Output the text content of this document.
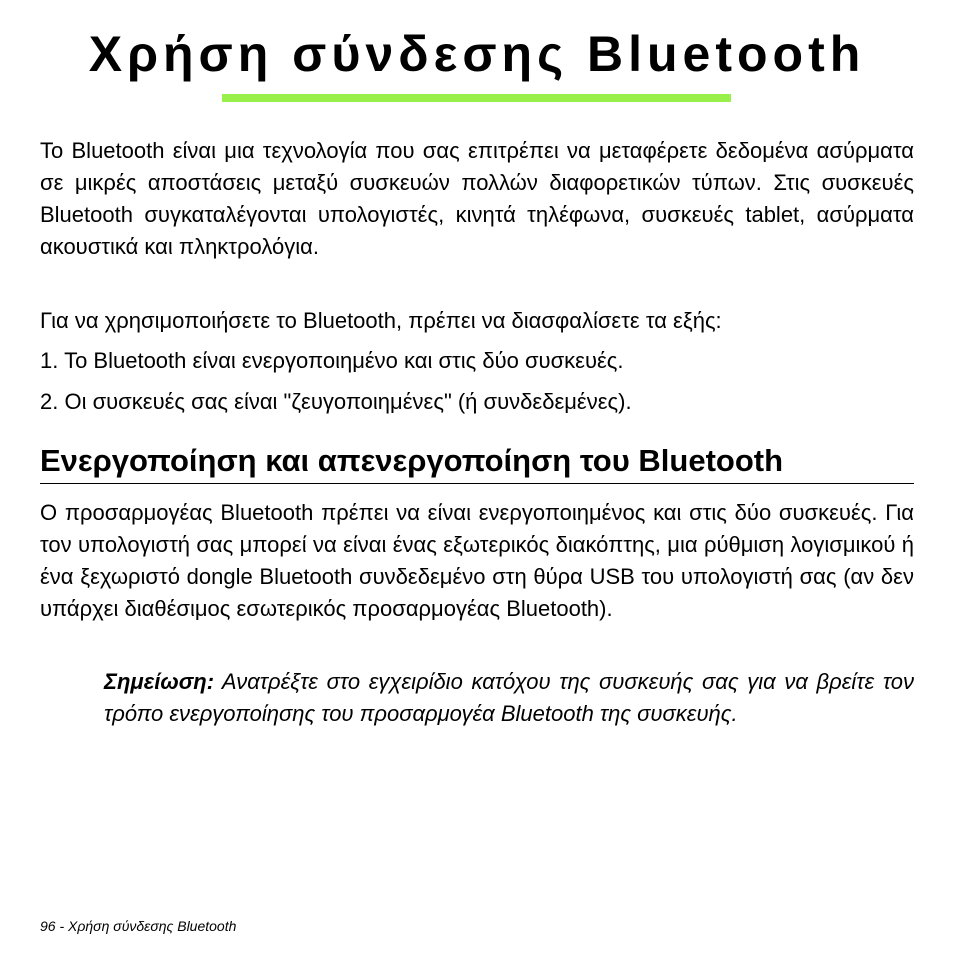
Χρήση σύνδεσης Bluetooth

Το Bluetooth είναι μια τεχνολογία που σας επιτρέπει να μεταφέρετε δεδομένα ασύρματα σε μικρές αποστάσεις μεταξύ συσκευών πολλών διαφορετικών τύπων. Στις συσκευές Bluetooth συγκαταλέγονται υπολογιστές, κινητά τηλέφωνα, συσκευές tablet, ασύρματα ακουστικά και πληκτρολόγια.

Για να χρησιμοποιήσετε το Bluetooth, πρέπει να διασφαλίσετε τα εξής:

1. Το Bluetooth είναι ενεργοποιημένο και στις δύο συσκευές.

2. Οι συσκευές σας είναι "ζευγοποιημένες" (ή συνδεδεμένες).

Ενεργοποίηση και απενεργοποίηση του Bluetooth

Ο προσαρμογέας Bluetooth πρέπει να είναι ενεργοποιημένος και στις δύο συσκευές. Για τον υπολογιστή σας μπορεί να είναι ένας εξωτερικός διακόπτης, μια ρύθμιση λογισμικού ή ένα ξεχωριστό dongle Bluetooth συνδεδεμένο στη θύρα USB του υπολογιστή σας (αν δεν υπάρχει διαθέσιμος εσωτερικός προσαρμογέας Bluetooth).

Σημείωση: Ανατρέξτε στο εγχειρίδιο κατόχου της συσκευής σας για να βρείτε τον τρόπο ενεργοποίησης του προσαρμογέα Bluetooth της συσκευής.

96 - Χρήση σύνδεσης Bluetooth
